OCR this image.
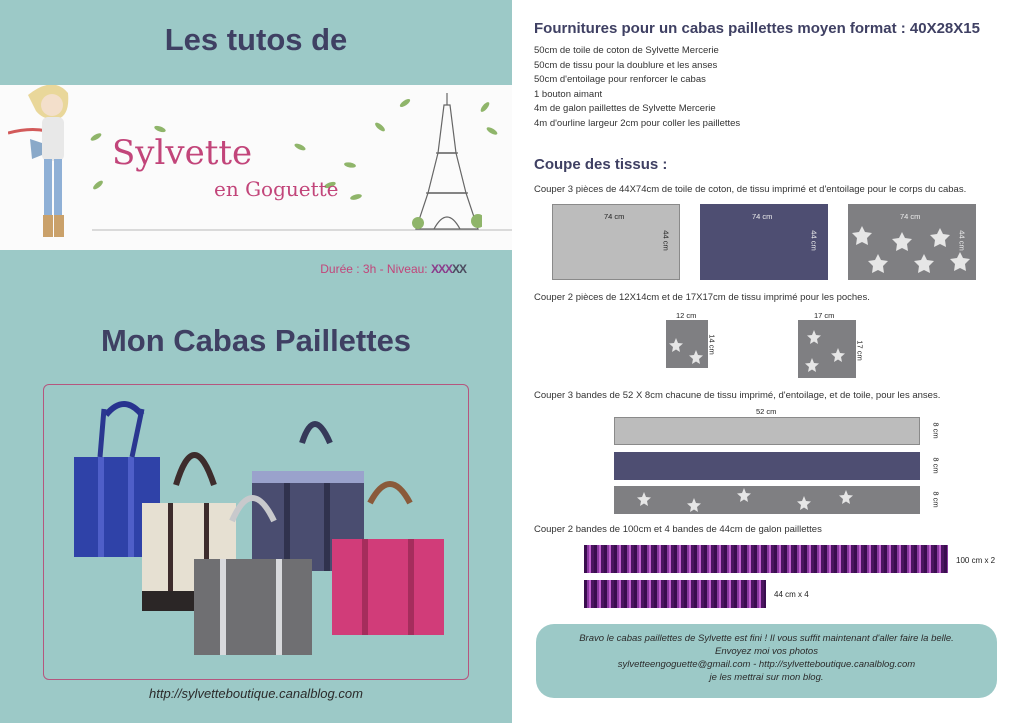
Les tutos de
Sylvette
en Goguette
Durée : 3h - Niveau: XXXXX
Mon Cabas Paillettes
http://sylvetteboutique.canalblog.com
Fournitures pour un cabas paillettes moyen format : 40X28X15
50cm de toile de coton de Sylvette Mercerie
50cm de tissu pour la doublure et les anses
50cm d'entoilage pour renforcer le cabas
1 bouton aimant
4m de galon paillettes de Sylvette Mercerie
4m d'ourline largeur 2cm pour coller les paillettes
Coupe des tissus :
Couper 3 pièces de 44X74cm de toile de coton, de tissu imprimé et d'entoilage pour le corps du cabas.
74 cm
44 cm
74 cm
44 cm
74 cm
44 cm
Couper 2 pièces de 12X14cm et de 17X17cm de tissu imprimé pour les poches.
12 cm
14 cm
17 cm
17 cm
Couper 3 bandes de 52 X 8cm chacune de tissu imprimé, d'entoilage, et de toile, pour les anses.
52 cm
8 cm
8 cm
8 cm
Couper 2 bandes de 100cm et 4 bandes de 44cm de galon paillettes
100 cm x 2
44 cm x 4

Bravo le cabas paillettes de Sylvette est fini ! Il vous suffit maintenant d'aller faire la belle.

Envoyez moi vos photos

sylvetteengoguette@gmail.com - http://sylvetteboutique.canalblog.com

je les mettrai sur mon blog.
